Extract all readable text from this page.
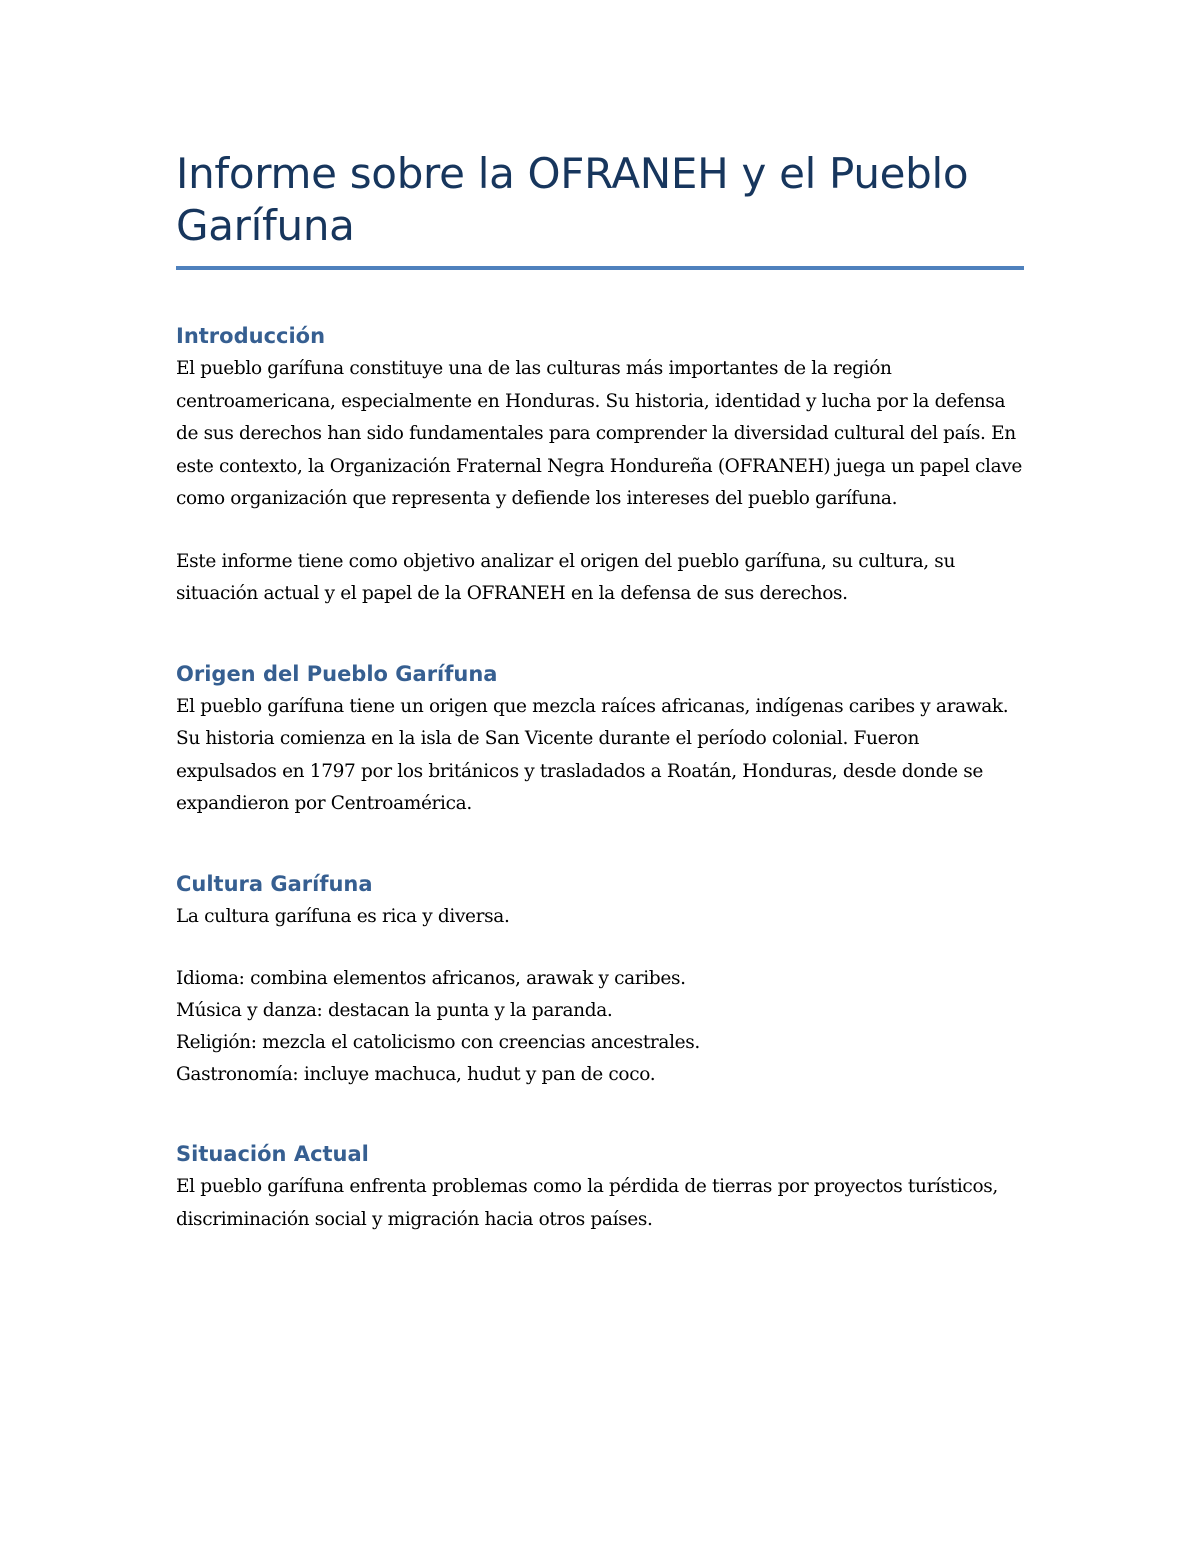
Informe sobre la OFRANEH y el Pueblo Garífuna
Introducción

El pueblo garífuna constituye una de las culturas más importantes de la región centroamericana, especialmente en Honduras. Su historia, identidad y lucha por la defensa de sus derechos han sido fundamentales para comprender la diversidad cultural del país. En este contexto, la Organización Fraternal Negra Hondureña (OFRANEH) juega un papel clave como organización que representa y defiende los intereses del pueblo garífuna.

Este informe tiene como objetivo analizar el origen del pueblo garífuna, su cultura, su situación actual y el papel de la OFRANEH en la defensa de sus derechos.

Origen del Pueblo Garífuna

El pueblo garífuna tiene un origen que mezcla raíces africanas, indígenas caribes y arawak. Su historia comienza en la isla de San Vicente durante el período colonial. Fueron expulsados en 1797 por los británicos y trasladados a Roatán, Honduras, desde donde se expandieron por Centroamérica.

Cultura Garífuna

La cultura garífuna es rica y diversa.

Idioma: combina elementos africanos, arawak y caribes.

Música y danza: destacan la punta y la paranda.

Religión: mezcla el catolicismo con creencias ancestrales.

Gastronomía: incluye machuca, hudut y pan de coco.

Situación Actual

El pueblo garífuna enfrenta problemas como la pérdida de tierras por proyectos turísticos, discriminación social y migración hacia otros países.
